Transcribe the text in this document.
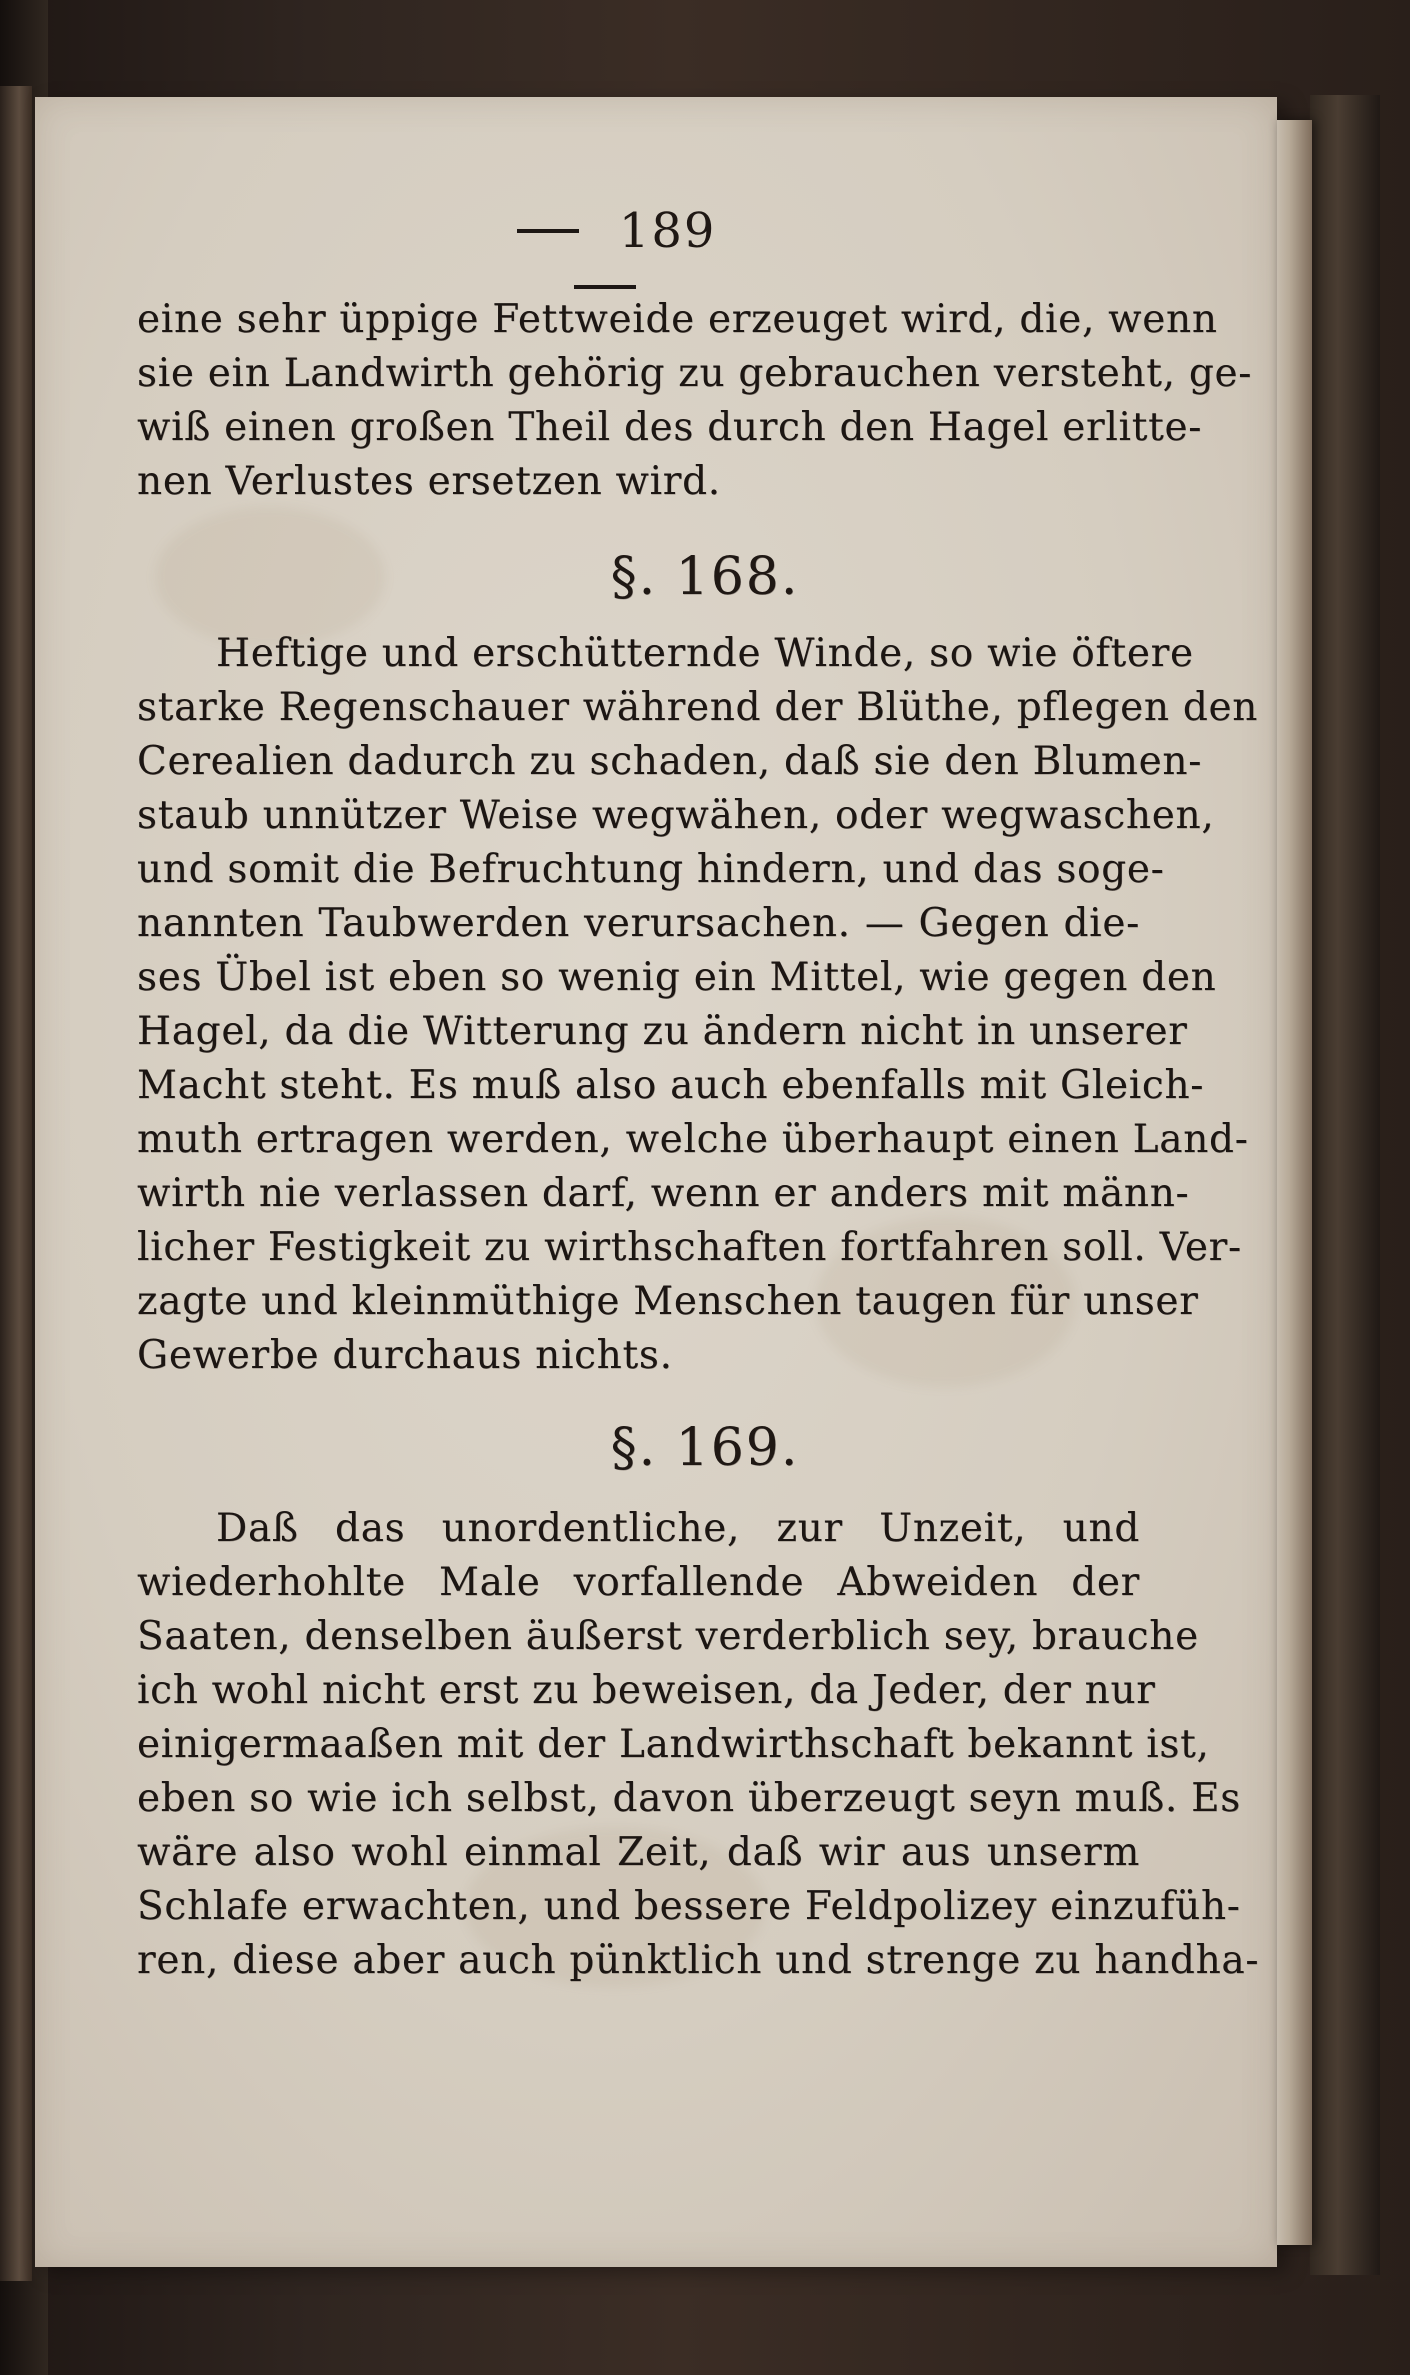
189
eine sehr üppige Fettweide erzeuget wird, die, wenn
sie ein Landwirth gehörig zu gebrauchen versteht, ge-
wiß einen großen Theil des durch den Hagel erlitte-
nen Verlustes ersetzen wird.
§. 168.
Heftige und erschütternde Winde, so wie öftere
starke Regenschauer während der Blüthe, pflegen den
Cerealien dadurch zu schaden, daß sie den Blumen-
staub unnützer Weise wegwähen, oder wegwaschen,
und somit die Befruchtung hindern, und das soge-
nannten Taubwerden verursachen. — Gegen die-
ses Übel ist eben so wenig ein Mittel, wie gegen den
Hagel, da die Witterung zu ändern nicht in unserer
Macht steht. Es muß also auch ebenfalls mit Gleich-
muth ertragen werden, welche überhaupt einen Land-
wirth nie verlassen darf, wenn er anders mit männ-
licher Festigkeit zu wirthschaften fortfahren soll. Ver-
zagte und kleinmüthige Menschen taugen für unser
Gewerbe durchaus nichts.
§. 169.
Daß das unordentliche, zur Unzeit, und
wiederhohlte Male vorfallende Abweiden der
Saaten, denselben äußerst verderblich sey, brauche
ich wohl nicht erst zu beweisen, da Jeder, der nur
einigermaaßen mit der Landwirthschaft bekannt ist,
eben so wie ich selbst, davon überzeugt seyn muß. Es
wäre also wohl einmal Zeit, daß wir aus unserm
Schlafe erwachten, und bessere Feldpolizey einzufüh-
ren, diese aber auch pünktlich und strenge zu handha-
